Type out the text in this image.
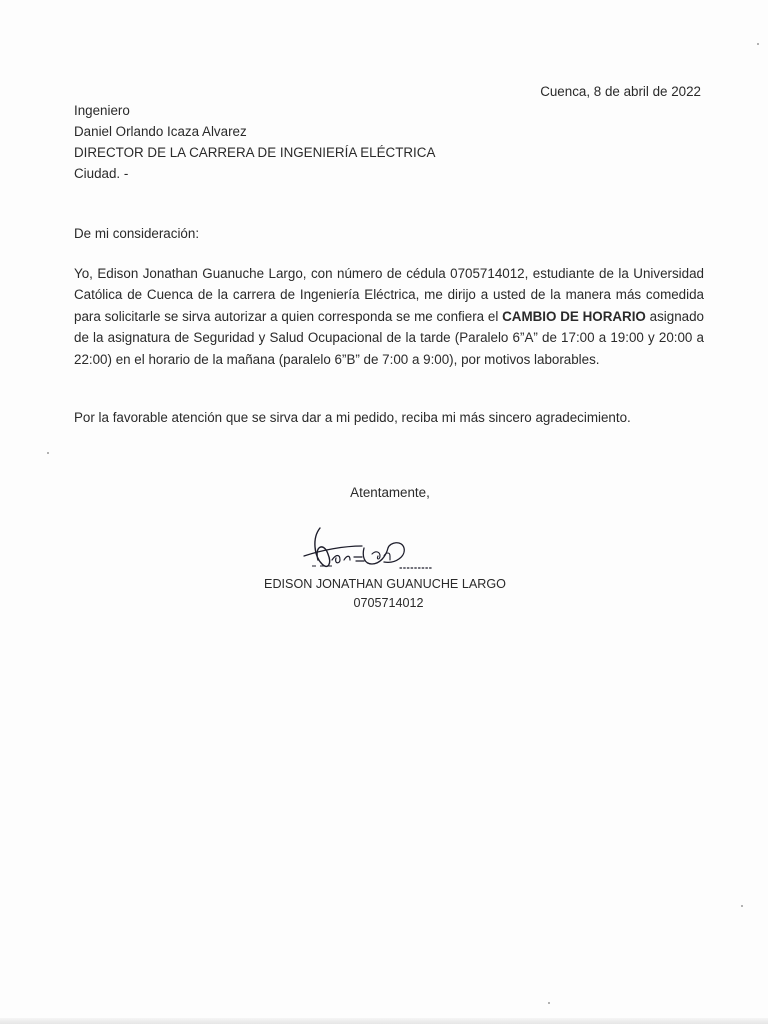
Cuenca, 8 de abril de 2022
Ingeniero
Daniel Orlando Icaza Alvarez
DIRECTOR DE LA CARRERA DE INGENIERÍA ELÉCTRICA
Ciudad. -
De mi consideración:
Yo, Edison Jonathan Guanuche Largo, con número de cédula 0705714012, estudiante de la Universidad Católica de Cuenca de la carrera de Ingeniería Eléctrica, me dirijo a usted de la manera más comedida para solicitarle se sirva autorizar a quien corresponda se me confiera el CAMBIO DE HORARIO asignado de la asignatura de Seguridad y Salud Ocupacional de la tarde (Paralelo 6”A” de 17:00 a 19:00 y 20:00 a 22:00) en el horario de la mañana (paralelo 6”B” de 7:00 a 9:00), por motivos laborables.
Por la favorable atención que se sirva dar a mi pedido, reciba mi más sincero agradecimiento.
Atentamente,
EDISON JONATHAN GUANUCHE LARGO
0705714012
